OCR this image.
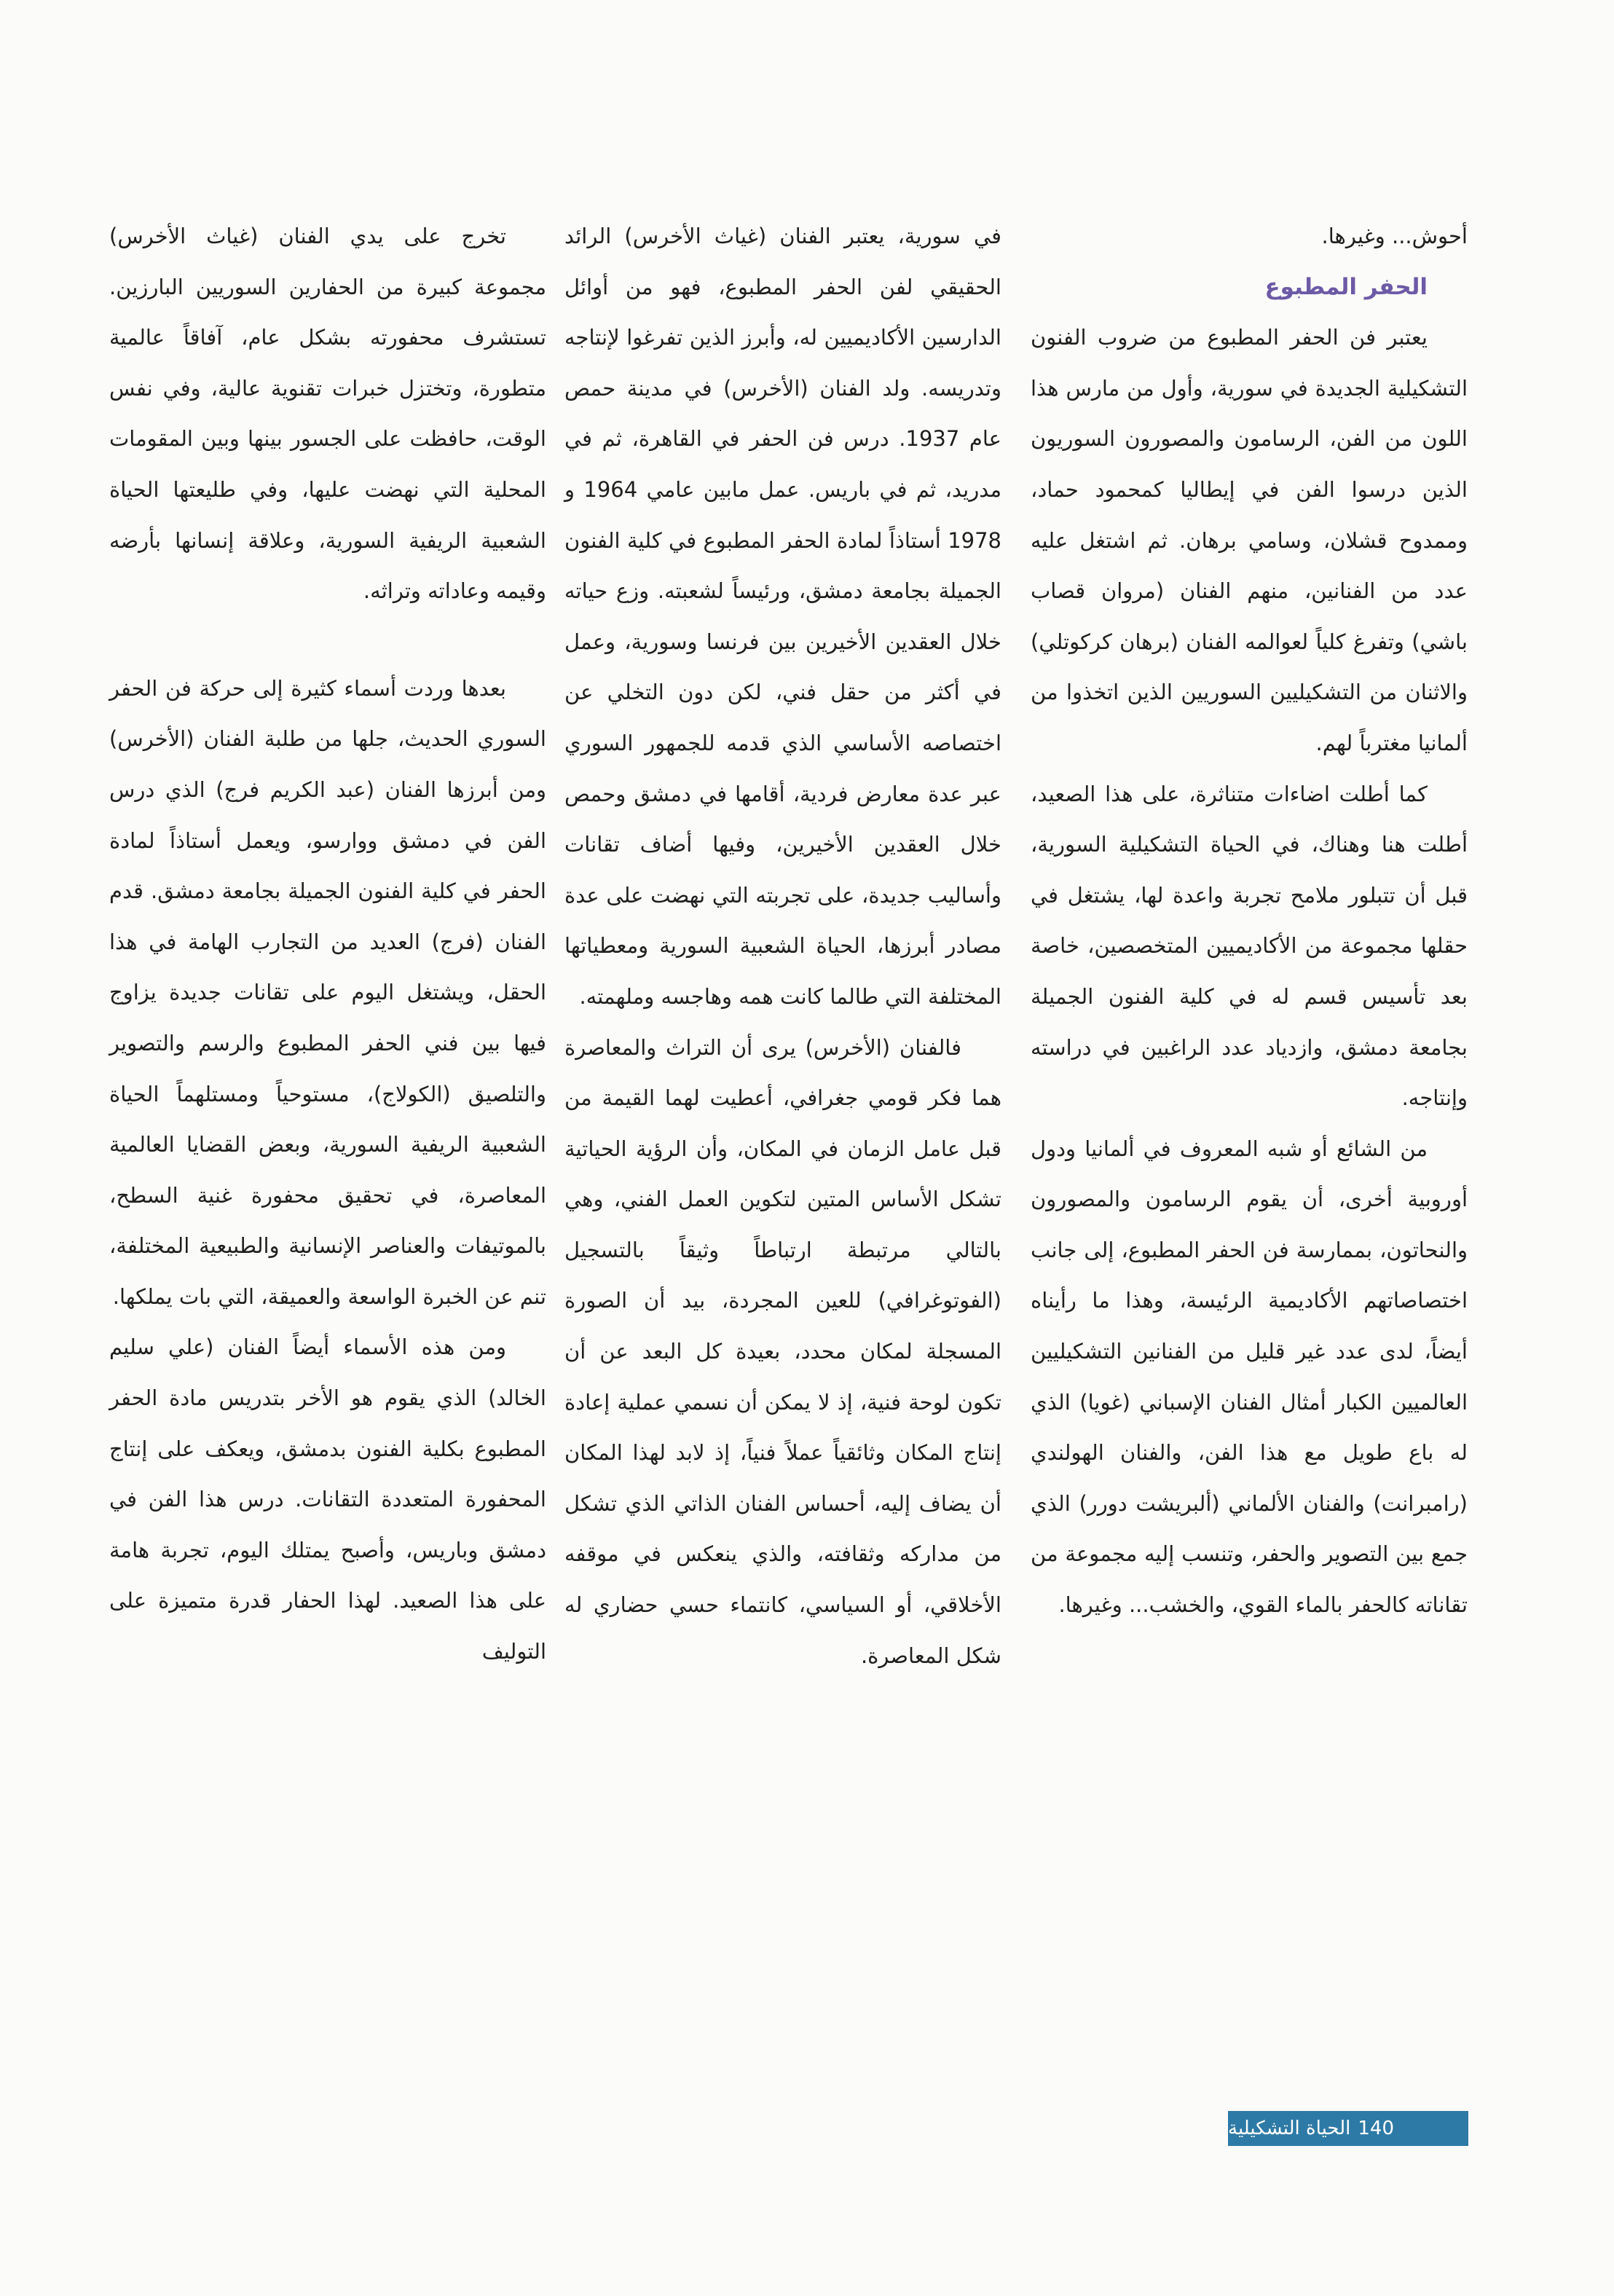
أحوش... وغيرها.

الحفر المطبوع

يعتبر فن الحفر المطبوع من ضروب الفنون التشكيلية الجديدة في سورية، وأول من مارس هذا اللون من الفن، الرسامون والمصورون السوريون الذين درسوا الفن في إيطاليا كمحمود حماد، وممدوح قشلان، وسامي برهان. ثم اشتغل عليه عدد من الفنانين، منهم الفنان (مروان قصاب باشي) وتفرغ كلياً لعوالمه الفنان (برهان كركوتلي) والاثنان من التشكيليين السوريين الذين اتخذوا من ألمانيا مغترباً لهم.

كما أطلت اضاءات متناثرة، على هذا الصعيد، أطلت هنا وهناك، في الحياة التشكيلية السورية، قبل أن تتبلور ملامح تجربة واعدة لها، يشتغل في حقلها مجموعة من الأكاديميين المتخصصين، خاصة بعد تأسيس قسم له في كلية الفنون الجميلة بجامعة دمشق، وازدياد عدد الراغبين في دراسته وإنتاجه.

من الشائع أو شبه المعروف في ألمانيا ودول أوروبية أخرى، أن يقوم الرسامون والمصورون والنحاتون، بممارسة فن الحفر المطبوع، إلى جانب اختصاصاتهم الأكاديمية الرئيسة، وهذا ما رأيناه أيضاً، لدى عدد غير قليل من الفنانين التشكيليين العالميين الكبار أمثال الفنان الإسباني (غويا) الذي له باع طويل مع هذا الفن، والفنان الهولندي (رامبرانت) والفنان الألماني (ألبريشت دورر) الذي جمع بين التصوير والحفر، وتنسب إليه مجموعة من تقاناته كالحفر بالماء القوي، والخشب... وغيرها.

في سورية، يعتبر الفنان (غياث الأخرس) الرائد الحقيقي لفن الحفر المطبوع، فهو من أوائل الدارسين الأكاديميين له، وأبرز الذين تفرغوا لإنتاجه وتدريسه. ولد الفنان (الأخرس) في مدينة حمص عام 1937. درس فن الحفر في القاهرة، ثم في مدريد، ثم في باريس. عمل مابين عامي 1964 و 1978 أستاذاً لمادة الحفر المطبوع في كلية الفنون الجميلة بجامعة دمشق، ورئيساً لشعبته. وزع حياته خلال العقدين الأخيرين بين فرنسا وسورية، وعمل في أكثر من حقل فني، لكن دون التخلي عن اختصاصه الأساسي الذي قدمه للجمهور السوري عبر عدة معارض فردية، أقامها في دمشق وحمص خلال العقدين الأخيرين، وفيها أضاف تقانات وأساليب جديدة، على تجربته التي نهضت على عدة مصادر أبرزها، الحياة الشعبية السورية ومعطياتها المختلفة التي طالما كانت همه وهاجسه وملهمته.

فالفنان (الأخرس) يرى أن التراث والمعاصرة هما فكر قومي جغرافي، أعطيت لهما القيمة من قبل عامل الزمان في المكان، وأن الرؤية الحياتية تشكل الأساس المتين لتكوين العمل الفني، وهي بالتالي مرتبطة ارتباطاً وثيقاً بالتسجيل (الفوتوغرافي) للعين المجردة، بيد أن الصورة المسجلة لمكان محدد، بعيدة كل البعد عن أن تكون لوحة فنية، إذ لا يمكن أن نسمي عملية إعادة إنتاج المكان وثائقياً عملاً فنياً، إذ لابد لهذا المكان أن يضاف إليه، أحساس الفنان الذاتي الذي تشكل من مداركه وثقافته، والذي ينعكس في موقفه الأخلاقي، أو السياسي، كانتماء حسي حضاري له شكل المعاصرة.

تخرج على يدي الفنان (غياث الأخرس) مجموعة كبيرة من الحفارين السوريين البارزين. تستشرف محفورته بشكل عام، آفاقاً عالمية متطورة، وتختزل خبرات تقنوية عالية، وفي نفس الوقت، حافظت على الجسور بينها وبين المقومات المحلية التي نهضت عليها، وفي طليعتها الحياة الشعبية الريفية السورية، وعلاقة إنسانها بأرضه وقيمه وعاداته وتراثه.

بعدها وردت أسماء كثيرة إلى حركة فن الحفر السوري الحديث، جلها من طلبة الفنان (الأخرس) ومن أبرزها الفنان (عبد الكريم فرج) الذي درس الفن في دمشق ووارسو، ويعمل أستاذاً لمادة الحفر في كلية الفنون الجميلة بجامعة دمشق. قدم الفنان (فرج) العديد من التجارب الهامة في هذا الحقل، ويشتغل اليوم على تقانات جديدة يزاوج فيها بين فني الحفر المطبوع والرسم والتصوير والتلصيق (الكولاج)، مستوحياً ومستلهماً الحياة الشعبية الريفية السورية، وبعض القضايا العالمية المعاصرة، في تحقيق محفورة غنية السطح، بالموتيفات والعناصر الإنسانية والطبيعية المختلفة، تنم عن الخبرة الواسعة والعميقة، التي بات يملكها.

ومن هذه الأسماء أيضاً الفنان (علي سليم الخالد) الذي يقوم هو الأخر بتدريس مادة الحفر المطبوع بكلية الفنون بدمشق، ويعكف على إنتاج المحفورة المتعددة التقانات. درس هذا الفن في دمشق وباريس، وأصبح يمتلك اليوم، تجربة هامة على هذا الصعيد. لهذا الحفار قدرة متميزة على التوليف

140
الحياة التشكيلية
